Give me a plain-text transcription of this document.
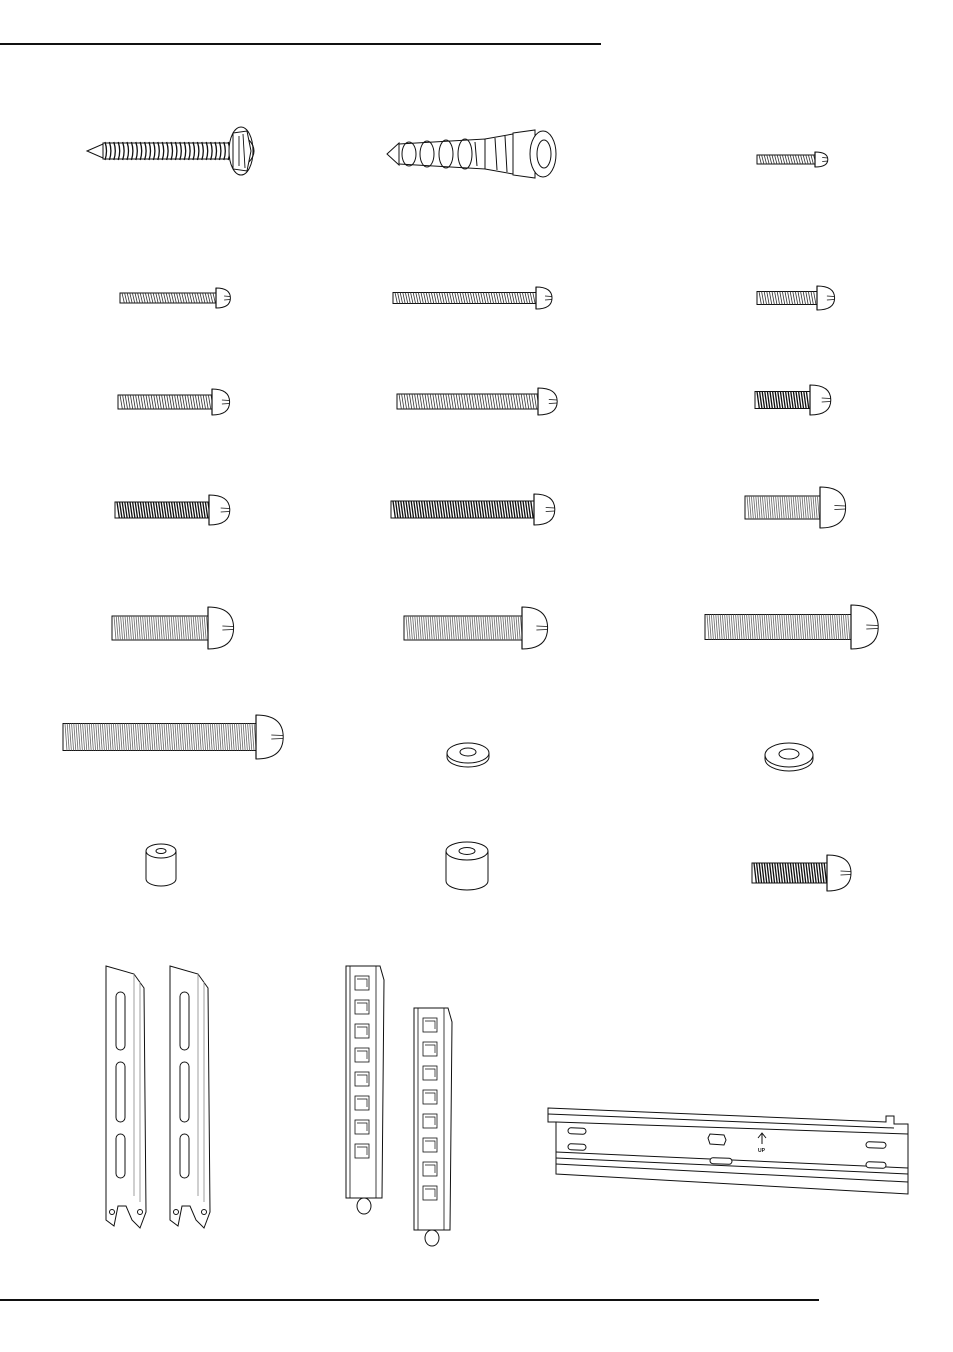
UP
